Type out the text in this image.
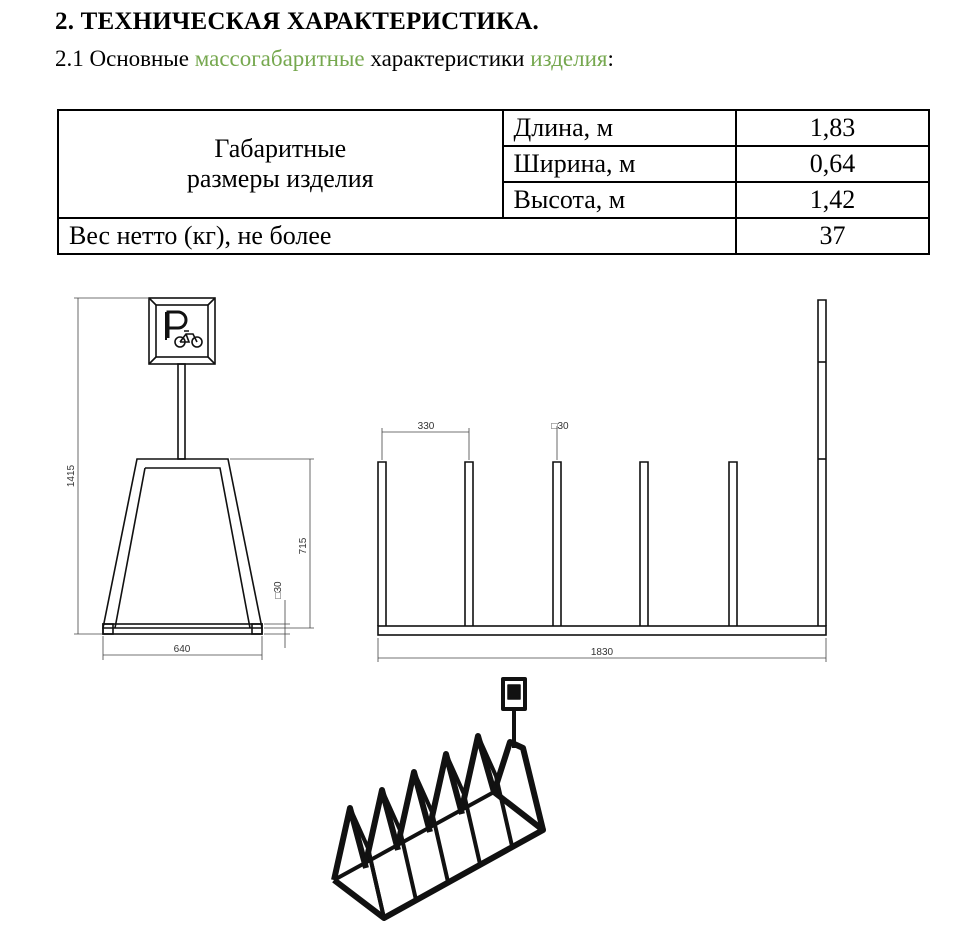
2. ТЕХНИЧЕСКАЯ ХАРАКТЕРИСТИКА.
2.1 Основные массогабаритные характеристики изделия:
Габаритные
размеры изделия	Длина, м	1,83
	Ширина, м	0,64
	Высота, м	1,42
Вес нетто (кг), не более		37
1415
715
□30
640
330	□30
1830
